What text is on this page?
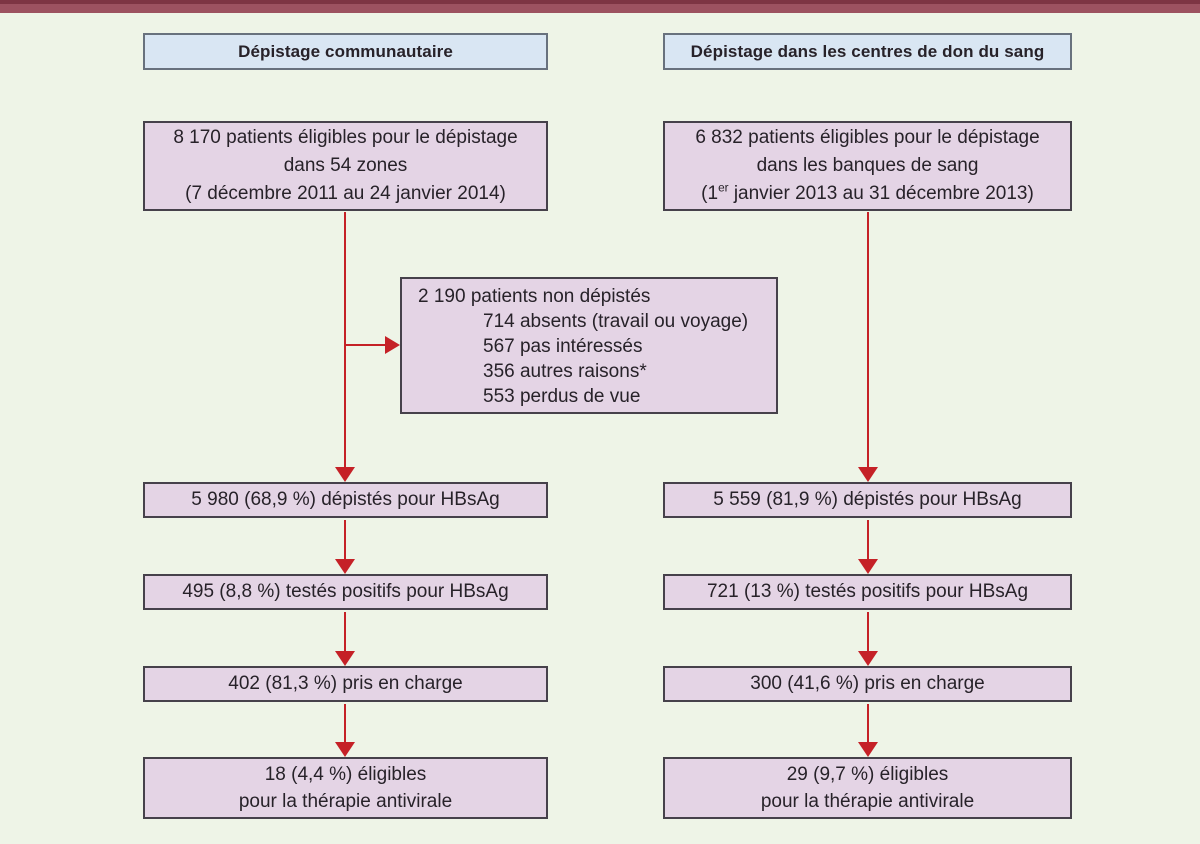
Dépistage communautaire	Dépistage dans les centres de don du sang
8 170 patients éligibles pour le dépistage
dans 54 zones
(7 décembre 2011 au 24 janvier 2014)
5 980 (68,9 %) dépistés pour HBsAg
495 (8,8 %) testés positifs pour HBsAg
402 (81,3 %) pris en charge
18 (4,4 %) éligibles
pour la thérapie antivirale
6 832 patients éligibles pour le dépistage
dans les banques de sang
(1er janvier 2013 au 31 décembre 2013)
5 559 (81,9 %) dépistés pour HBsAg
721 (13 %) testés positifs pour HBsAg
300 (41,6 %) pris en charge
29 (9,7 %) éligibles
pour la thérapie antivirale
2 190 patients non dépistés
714 absents (travail ou voyage)
567 pas intéressés
356 autres raisons*
553 perdus de vue
